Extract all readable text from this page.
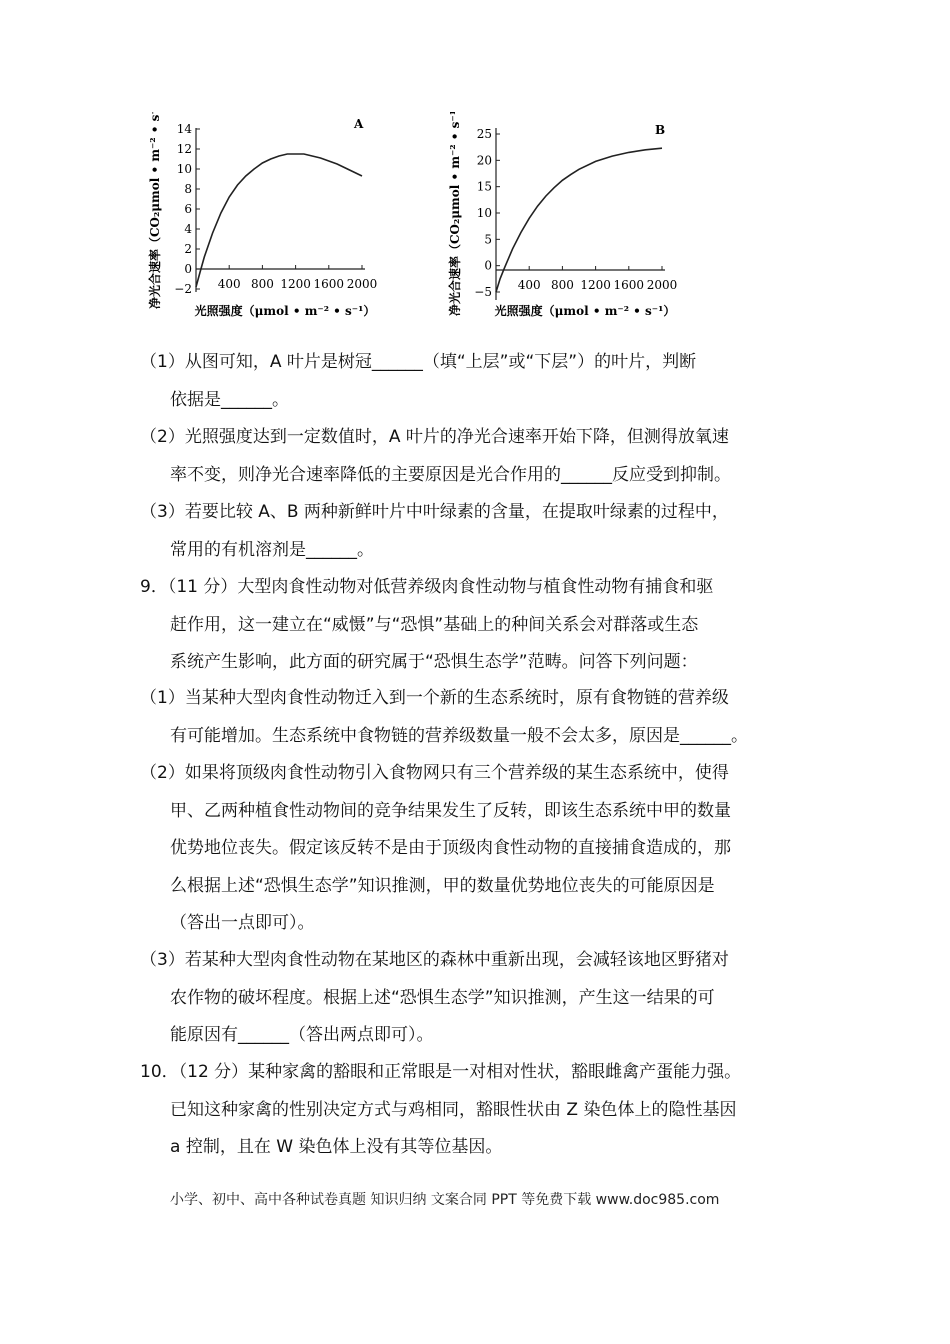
−2
0
2
4
6
8
10
12
14
400 800 1200 1600 2000
A
净光合速率（CO₂μmol • m⁻² • s⁻¹）
光照强度（μmol • m⁻² • s⁻¹）
−5
0
5
10
15
20
25
400 800 1200 1600 2000
B
净光合速率（CO₂μmol • m⁻² • s⁻¹）	光照强度（μmol • m⁻² • s⁻¹）
（1）从图可知，A 叶片是树冠______（填“上层”或“下层”）的叶片，判断
依据是______。
（2）光照强度达到一定数值时，A 叶片的净光合速率开始下降，但测得放氧速
率不变，则净光合速率降低的主要原因是光合作用的______反应受到抑制。
（3）若要比较 A、B 两种新鲜叶片中叶绿素的含量，在提取叶绿素的过程中，
常用的有机溶剂是______。
9．（11 分）大型肉食性动物对低营养级肉食性动物与植食性动物有捕食和驱
赶作用，这一建立在“威慑”与“恐惧”基础上的种间关系会对群落或生态
系统产生影响，此方面的研究属于“恐惧生态学”范畴。问答下列问题：
（1）当某种大型肉食性动物迁入到一个新的生态系统时，原有食物链的营养级
有可能增加。生态系统中食物链的营养级数量一般不会太多，原因是______。
（2）如果将顶级肉食性动物引入食物网只有三个营养级的某生态系统中，使得
甲、乙两种植食性动物间的竞争结果发生了反转，即该生态系统中甲的数量
优势地位丧失。假定该反转不是由于顶级肉食性动物的直接捕食造成的，那
么根据上述“恐惧生态学”知识推测，甲的数量优势地位丧失的可能原因是
（答出一点即可）。
（3）若某种大型肉食性动物在某地区的森林中重新出现，会减轻该地区野猪对
农作物的破坏程度。根据上述“恐惧生态学”知识推测，产生这一结果的可
能原因有______（答出两点即可）。
10．（12 分）某种家禽的豁眼和正常眼是一对相对性状，豁眼雌禽产蛋能力强。
已知这种家禽的性别决定方式与鸡相同，豁眼性状由 Z 染色体上的隐性基因
a 控制，且在 W 染色体上没有其等位基因。
小学、初中、高中各种试卷真题 知识归纳 文案合同 PPT 等免费下载 www.doc985.com
